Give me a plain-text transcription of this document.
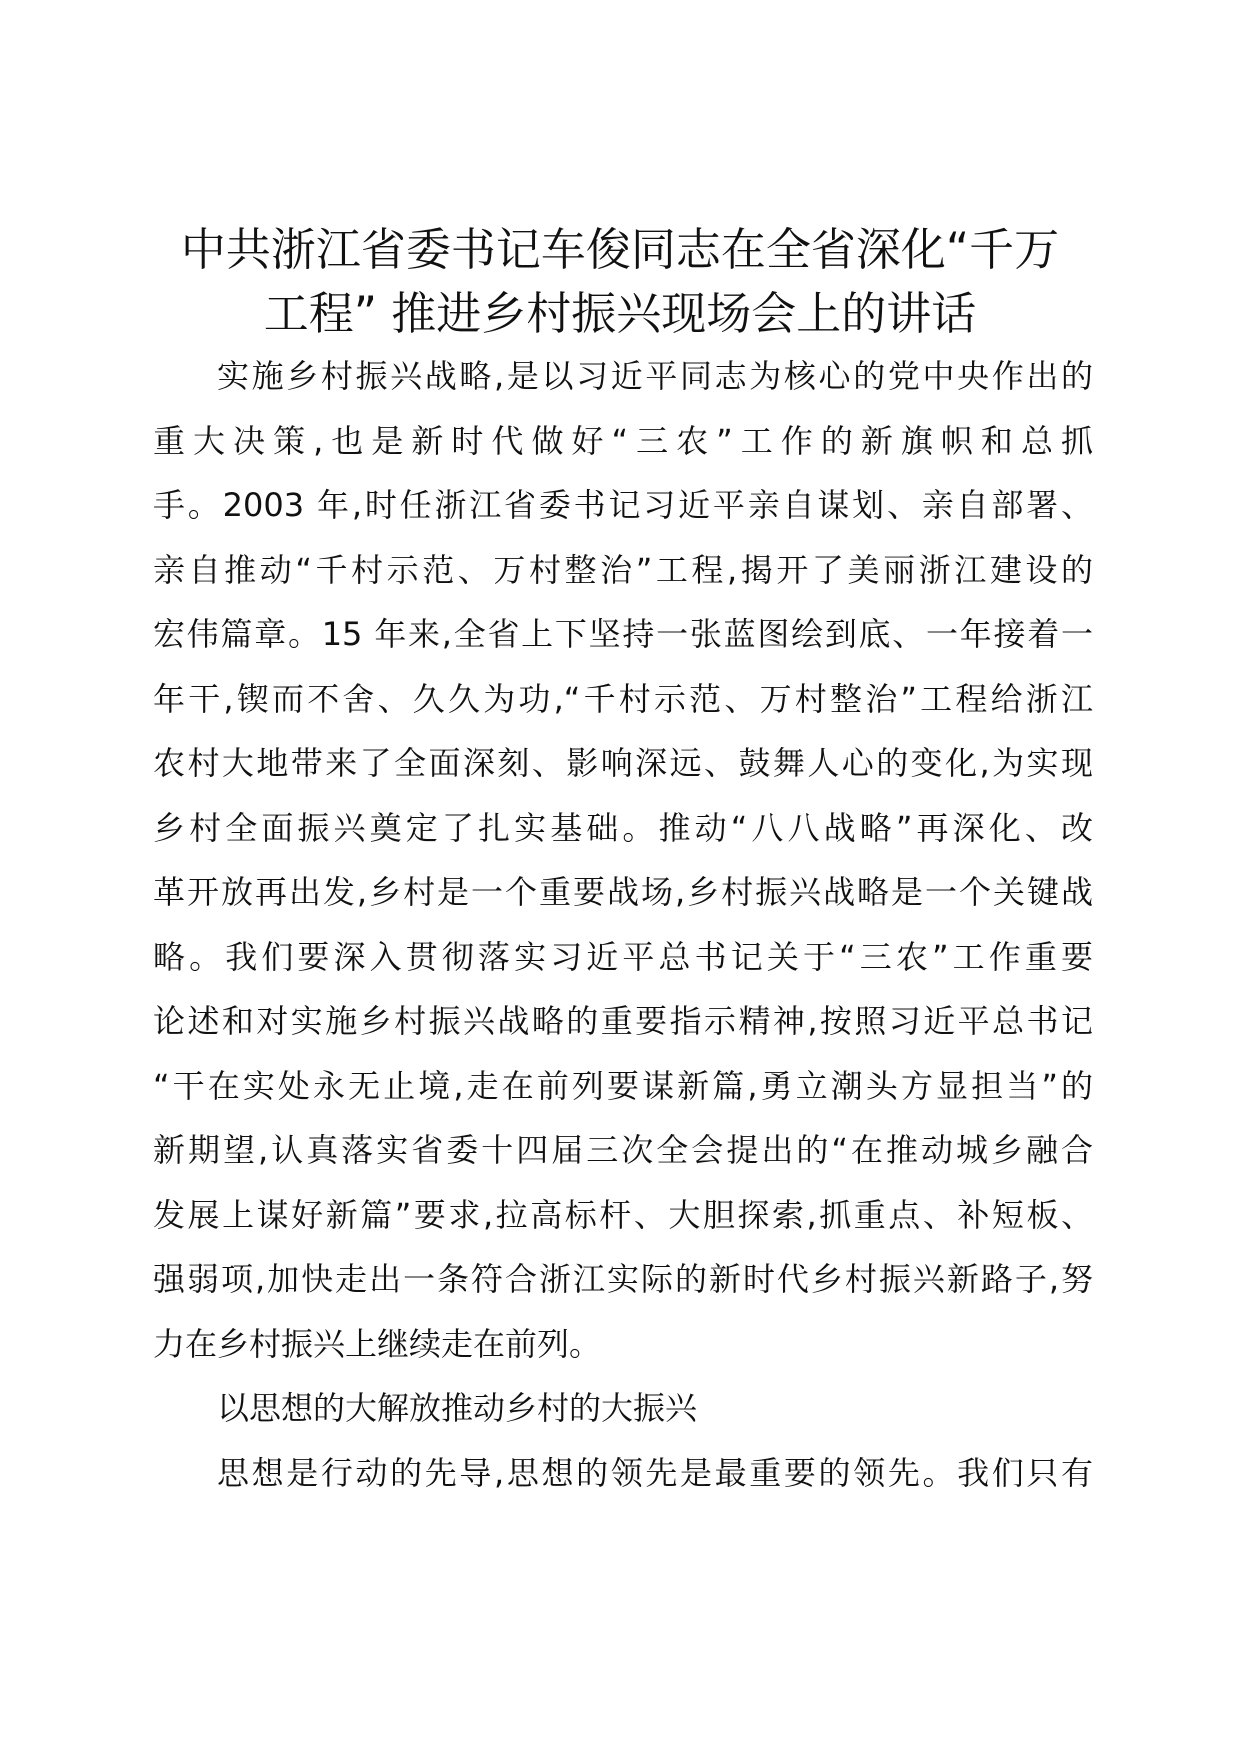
中共浙江省委书记车俊同志在全省深化“千万
工程” 推进乡村振兴现场会上的讲话
实施乡村振兴战略,是以习近平同志为核心的党中央作出的
重大决策,也是新时代做好“三农”工作的新旗帜和总抓
手。2003 年,时任浙江省委书记习近平亲自谋划、亲自部署、
亲自推动“千村示范、万村整治”工程,揭开了美丽浙江建设的
宏伟篇章。15 年来,全省上下坚持一张蓝图绘到底、一年接着一
年干,锲而不舍、久久为功,“千村示范、万村整治”工程给浙江
农村大地带来了全面深刻、影响深远、鼓舞人心的变化,为实现
乡村全面振兴奠定了扎实基础。推动“八八战略”再深化、改
革开放再出发,乡村是一个重要战场,乡村振兴战略是一个关键战
略。我们要深入贯彻落实习近平总书记关于“三农”工作重要
论述和对实施乡村振兴战略的重要指示精神,按照习近平总书记
“干在实处永无止境,走在前列要谋新篇,勇立潮头方显担当”的
新期望,认真落实省委十四届三次全会提出的“在推动城乡融合
发展上谋好新篇”要求,拉高标杆、大胆探索,抓重点、补短板、
强弱项,加快走出一条符合浙江实际的新时代乡村振兴新路子,努
力在乡村振兴上继续走在前列。
以思想的大解放推动乡村的大振兴
思想是行动的先导,思想的领先是最重要的领先。我们只有
